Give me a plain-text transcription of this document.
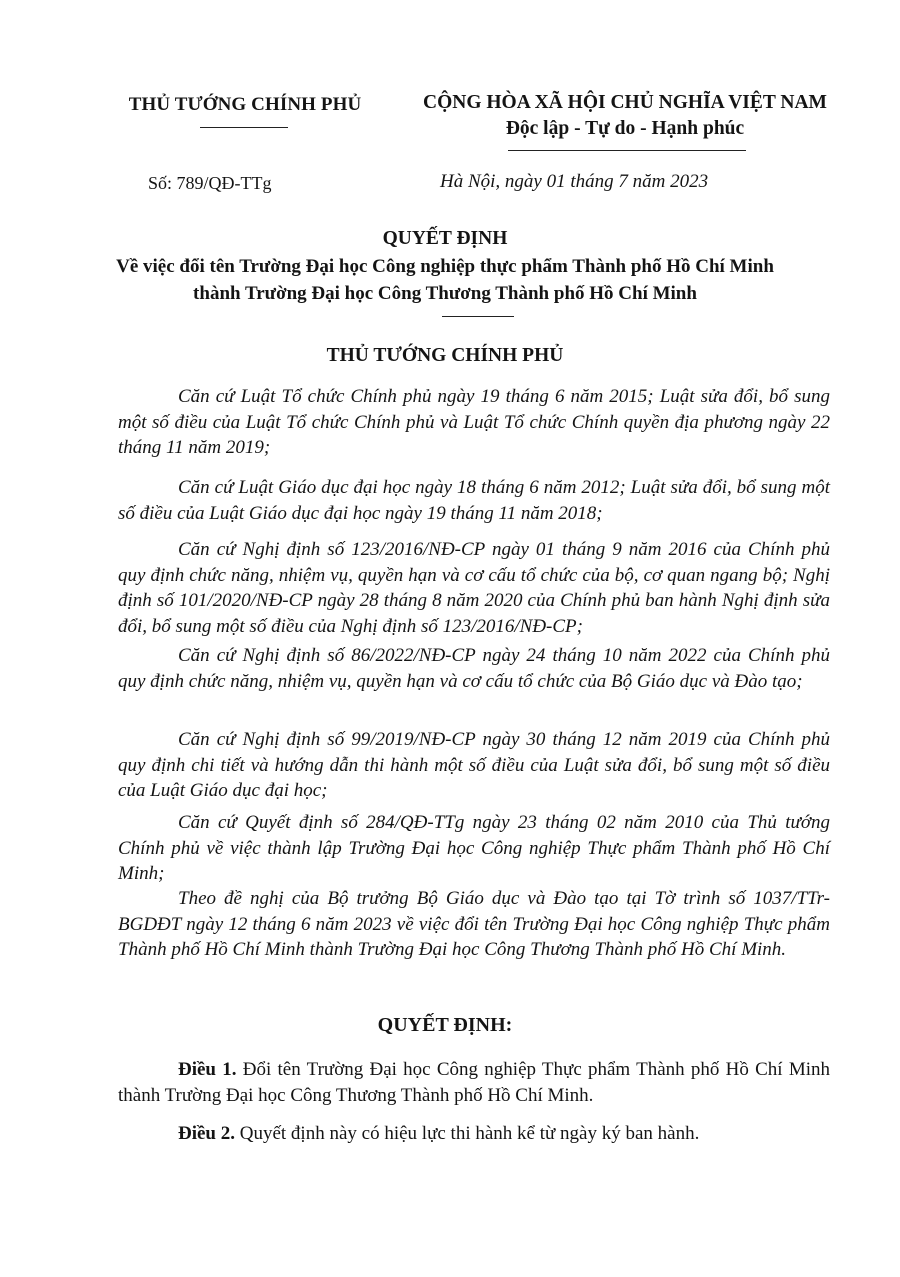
THỦ TƯỚNG CHÍNH PHỦ
Số: 789/QĐ-TTg
CỘNG HÒA XÃ HỘI CHỦ NGHĨA VIỆT NAM
Độc lập - Tự do - Hạnh phúc
Hà Nội, ngày 01 tháng 7 năm 2023
QUYẾT ĐỊNH
Về việc đổi tên Trường Đại học Công nghiệp thực phẩm Thành phố Hồ Chí Minh
thành Trường Đại học Công Thương Thành phố Hồ Chí Minh
THỦ TƯỚNG CHÍNH PHỦ
Căn cứ Luật Tổ chức Chính phủ ngày 19 tháng 6 năm 2015; Luật sửa đổi, bổ sung một số điều của Luật Tổ chức Chính phủ và Luật Tổ chức Chính quyền địa phương ngày 22 tháng 11 năm 2019;
Căn cứ Luật Giáo dục đại học ngày 18 tháng 6 năm 2012; Luật sửa đổi, bổ sung một số điều của Luật Giáo dục đại học ngày 19 tháng 11 năm 2018;
Căn cứ Nghị định số 123/2016/NĐ-CP ngày 01 tháng 9 năm 2016 của Chính phủ quy định chức năng, nhiệm vụ, quyền hạn và cơ cấu tổ chức của bộ, cơ quan ngang bộ; Nghị định số 101/2020/NĐ-CP ngày 28 tháng 8 năm 2020 của Chính phủ ban hành Nghị định sửa đổi, bổ sung một số điều của Nghị định số 123/2016/NĐ-CP;
Căn cứ Nghị định số 86/2022/NĐ-CP ngày 24 tháng 10 năm 2022 của Chính phủ quy định chức năng, nhiệm vụ, quyền hạn và cơ cấu tổ chức của Bộ Giáo dục và Đào tạo;
Căn cứ Nghị định số 99/2019/NĐ-CP ngày 30 tháng 12 năm 2019 của Chính phủ quy định chi tiết và hướng dẫn thi hành một số điều của Luật sửa đổi, bổ sung một số điều của Luật Giáo dục đại học;
Căn cứ Quyết định số 284/QĐ-TTg ngày 23 tháng 02 năm 2010 của Thủ tướng Chính phủ về việc thành lập Trường Đại học Công nghiệp Thực phẩm Thành phố Hồ Chí Minh;
Theo đề nghị của Bộ trưởng Bộ Giáo dục và Đào tạo tại Tờ trình số 1037/TTr-BGDĐT ngày 12 tháng 6 năm 2023 về việc đổi tên Trường Đại học Công nghiệp Thực phẩm Thành phố Hồ Chí Minh thành Trường Đại học Công Thương Thành phố Hồ Chí Minh.
QUYẾT ĐỊNH:
Điều 1. Đổi tên Trường Đại học Công nghiệp Thực phẩm Thành phố Hồ Chí Minh thành Trường Đại học Công Thương Thành phố Hồ Chí Minh.
Điều 2. Quyết định này có hiệu lực thi hành kể từ ngày ký ban hành.
